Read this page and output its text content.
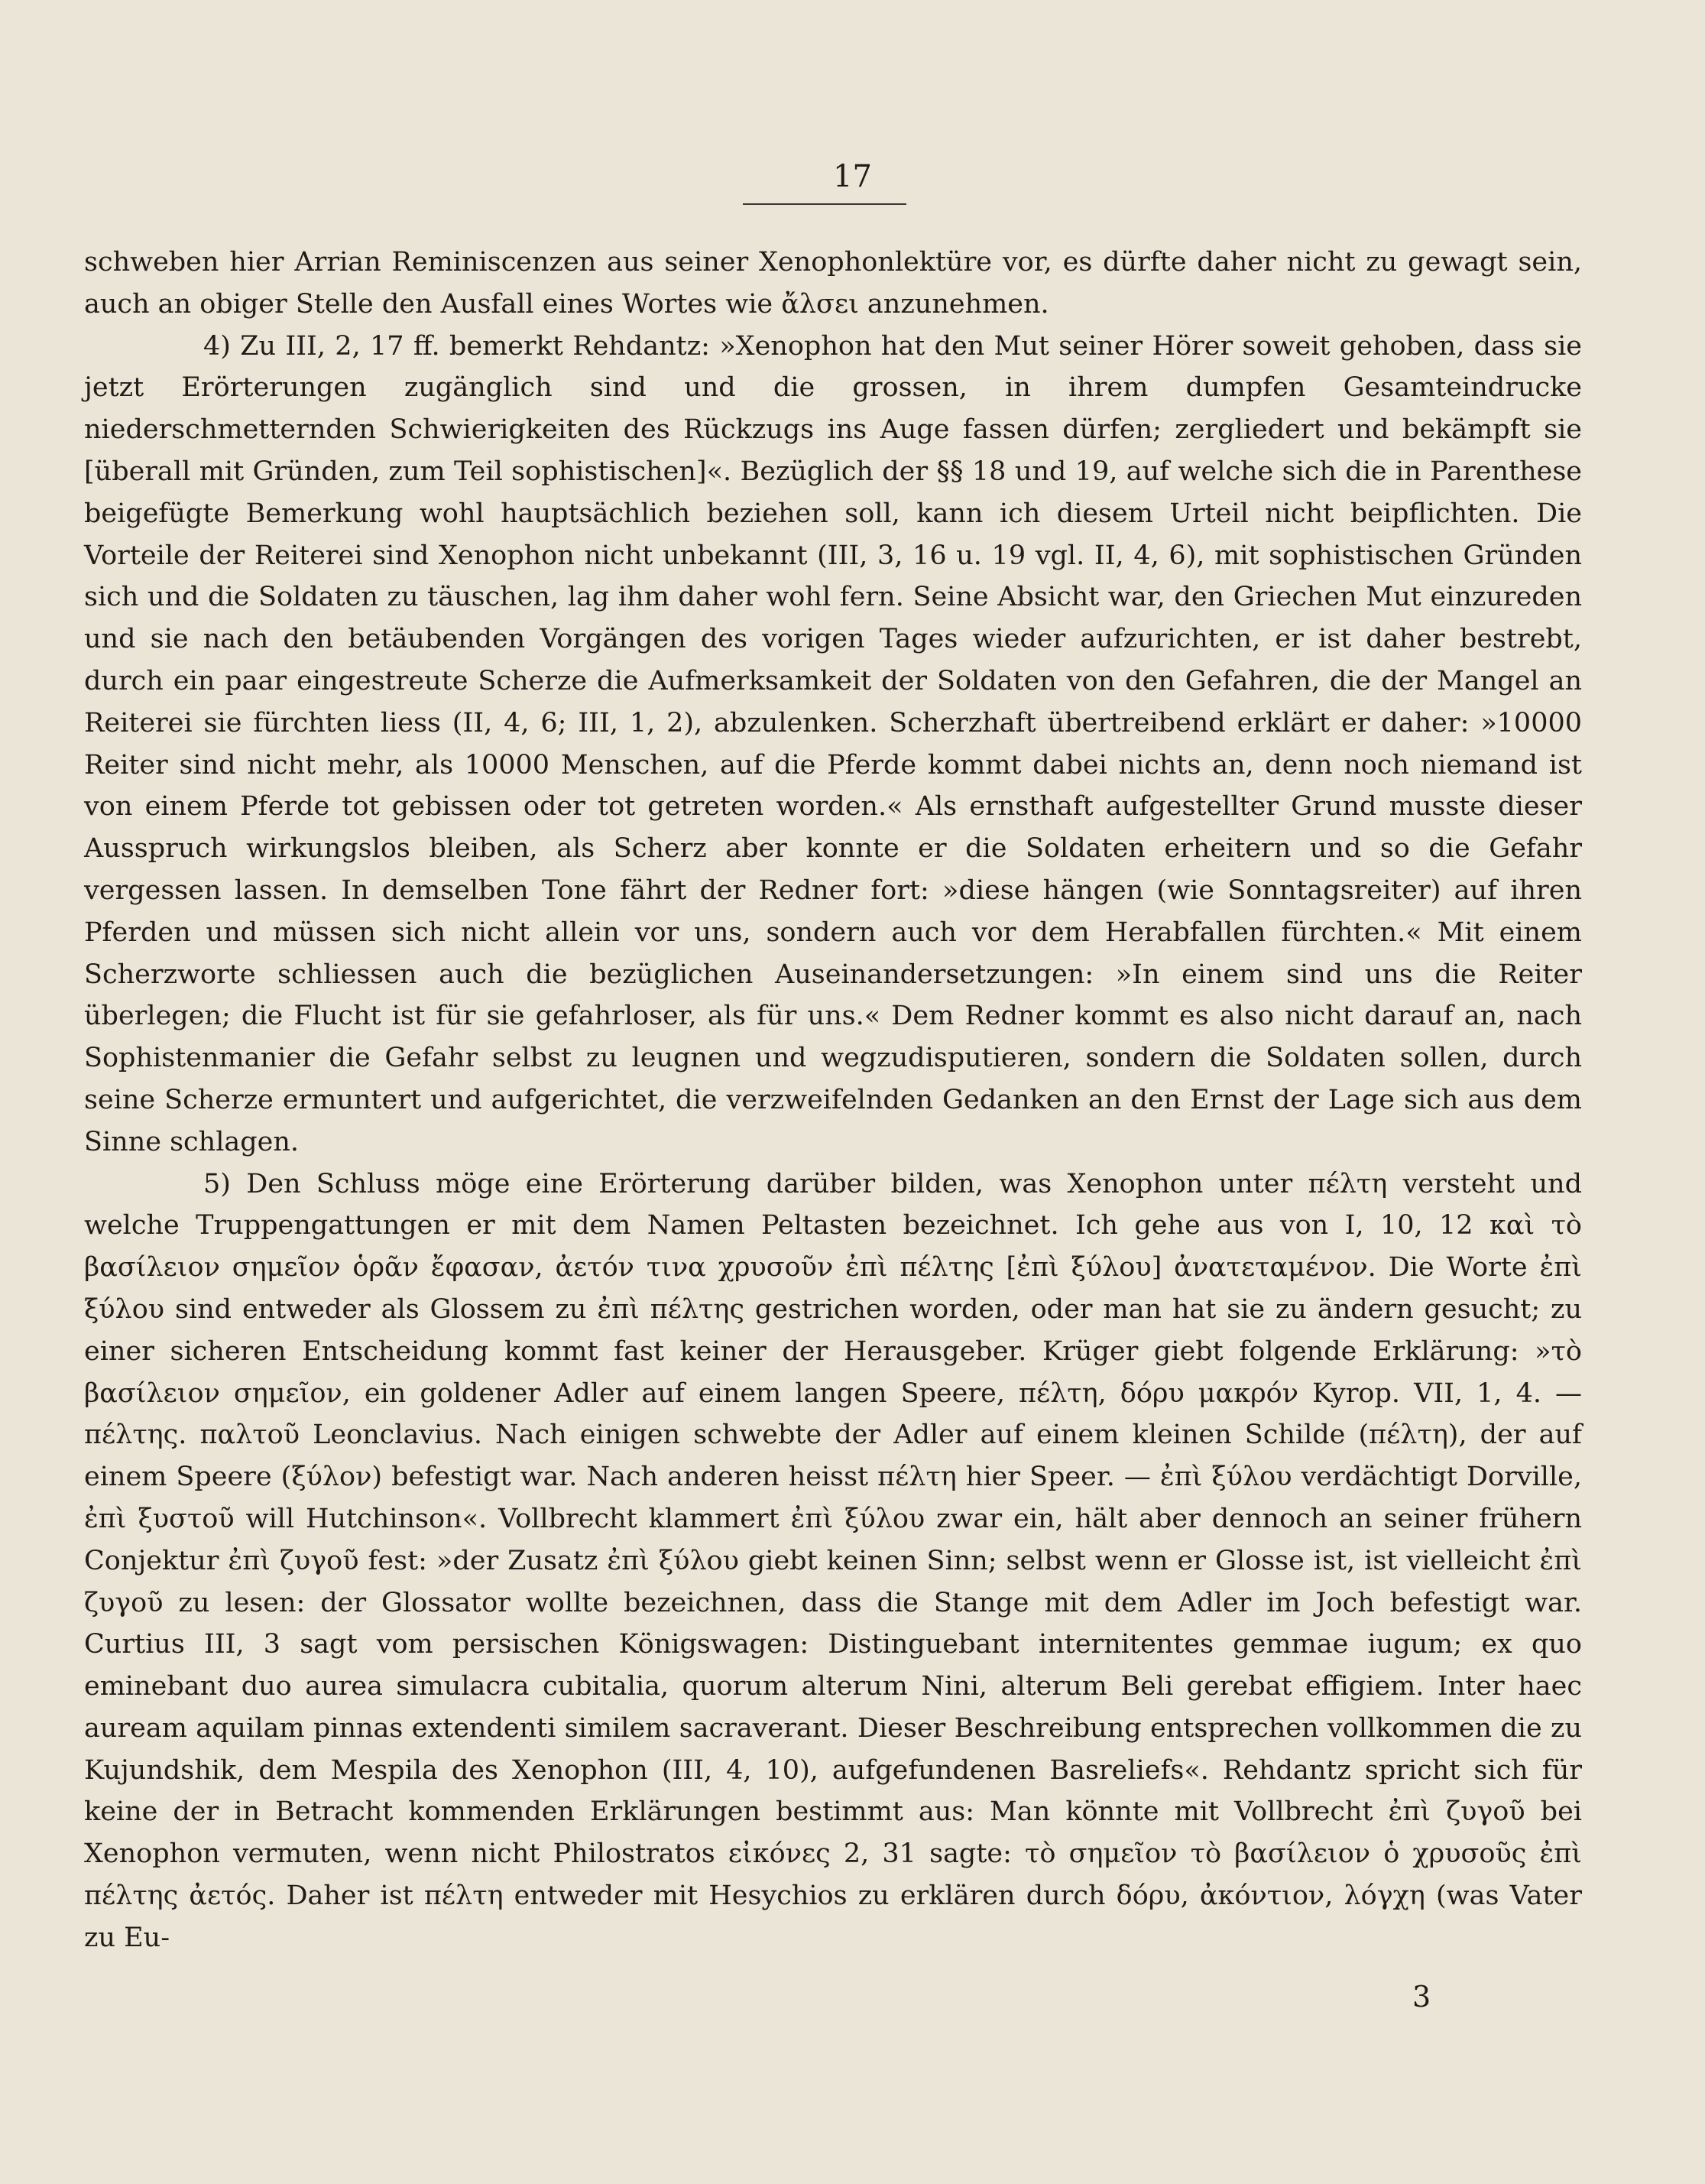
17

schweben hier Arrian Reminiscenzen aus seiner Xenophonlektüre vor, es dürfte daher nicht zu gewagt sein, auch an obiger Stelle den Ausfall eines Wortes wie ἄλσει anzunehmen.

4) Zu III, 2, 17 ff. bemerkt Rehdantz: »Xenophon hat den Mut seiner Hörer soweit gehoben, dass sie jetzt Erörterungen zugänglich sind und die grossen, in ihrem dumpfen Gesamteindrucke niederschmetternden Schwierigkeiten des Rückzugs ins Auge fassen dürfen; zergliedert und bekämpft sie [überall mit Gründen, zum Teil sophistischen]«. Bezüglich der §§ 18 und 19, auf welche sich die in Parenthese beigefügte Bemerkung wohl hauptsächlich beziehen soll, kann ich diesem Urteil nicht beipflichten. Die Vorteile der Reiterei sind Xenophon nicht unbekannt (III, 3, 16 u. 19 vgl. II, 4, 6), mit sophistischen Gründen sich und die Soldaten zu täuschen, lag ihm daher wohl fern. Seine Absicht war, den Griechen Mut einzureden und sie nach den betäubenden Vorgängen des vorigen Tages wieder aufzurichten, er ist daher bestrebt, durch ein paar eingestreute Scherze die Aufmerksamkeit der Soldaten von den Gefahren, die der Mangel an Reiterei sie fürchten liess (II, 4, 6; III, 1, 2), abzulenken. Scherzhaft übertreibend erklärt er daher: »10000 Reiter sind nicht mehr, als 10000 Menschen, auf die Pferde kommt dabei nichts an, denn noch niemand ist von einem Pferde tot gebissen oder tot getreten worden.« Als ernsthaft aufgestellter Grund musste dieser Ausspruch wirkungslos bleiben, als Scherz aber konnte er die Soldaten erheitern und so die Gefahr vergessen lassen. In demselben Tone fährt der Redner fort: »diese hängen (wie Sonntagsreiter) auf ihren Pferden und müssen sich nicht allein vor uns, sondern auch vor dem Herabfallen fürchten.« Mit einem Scherzworte schliessen auch die bezüglichen Auseinandersetzungen: »In einem sind uns die Reiter überlegen; die Flucht ist für sie gefahrloser, als für uns.« Dem Redner kommt es also nicht darauf an, nach Sophistenmanier die Gefahr selbst zu leugnen und wegzudisputieren, sondern die Soldaten sollen, durch seine Scherze ermuntert und aufgerichtet, die verzweifelnden Gedanken an den Ernst der Lage sich aus dem Sinne schlagen.

5) Den Schluss möge eine Erörterung darüber bilden, was Xenophon unter πέλτη versteht und welche Truppengattungen er mit dem Namen Peltasten bezeichnet. Ich gehe aus von I, 10, 12 καὶ τὸ βασίλειον σημεῖον ὁρᾶν ἔφασαν, ἀετόν τινα χρυσοῦν ἐπὶ πέλτης [ἐπὶ ξύλου] ἀνατεταμένον. Die Worte ἐπὶ ξύλου sind entweder als Glossem zu ἐπὶ πέλτης gestrichen worden, oder man hat sie zu ändern gesucht; zu einer sicheren Entscheidung kommt fast keiner der Herausgeber. Krüger giebt folgende Erklärung: »τὸ βασίλειον σημεῖον, ein goldener Adler auf einem langen Speere, πέλτη, δόρυ μακρόν Kyrop. VII, 1, 4. — πέλτης. παλτοῦ Leonclavius. Nach einigen schwebte der Adler auf einem kleinen Schilde (πέλτη), der auf einem Speere (ξύλον) befestigt war. Nach anderen heisst πέλτη hier Speer. — ἐπὶ ξύλου verdächtigt Dorville, ἐπὶ ξυστοῦ will Hutchinson«. Vollbrecht klammert ἐπὶ ξύλου zwar ein, hält aber dennoch an seiner frühern Conjektur ἐπὶ ζυγοῦ fest: »der Zusatz ἐπὶ ξύλου giebt keinen Sinn; selbst wenn er Glosse ist, ist vielleicht ἐπὶ ζυγοῦ zu lesen: der Glossator wollte bezeichnen, dass die Stange mit dem Adler im Joch befestigt war. Curtius III, 3 sagt vom persischen Königswagen: Distinguebant internitentes gemmae iugum; ex quo eminebant duo aurea simulacra cubitalia, quorum alterum Nini, alterum Beli gerebat effigiem. Inter haec auream aquilam pinnas extendenti similem sacraverant. Dieser Beschreibung entsprechen vollkommen die zu Kujundshik, dem Mespila des Xenophon (III, 4, 10), aufgefundenen Basreliefs«. Rehdantz spricht sich für keine der in Betracht kommenden Erklärungen bestimmt aus: Man könnte mit Vollbrecht ἐπὶ ζυγοῦ bei Xenophon vermuten, wenn nicht Philostratos εἰκόνες 2, 31 sagte: τὸ σημεῖον τὸ βασίλειον ὁ χρυσοῦς ἐπὶ πέλτης ἀετός. Daher ist πέλτη entweder mit Hesychios zu erklären durch δόρυ, ἀκόντιον, λόγχη (was Vater zu Eu-

3
